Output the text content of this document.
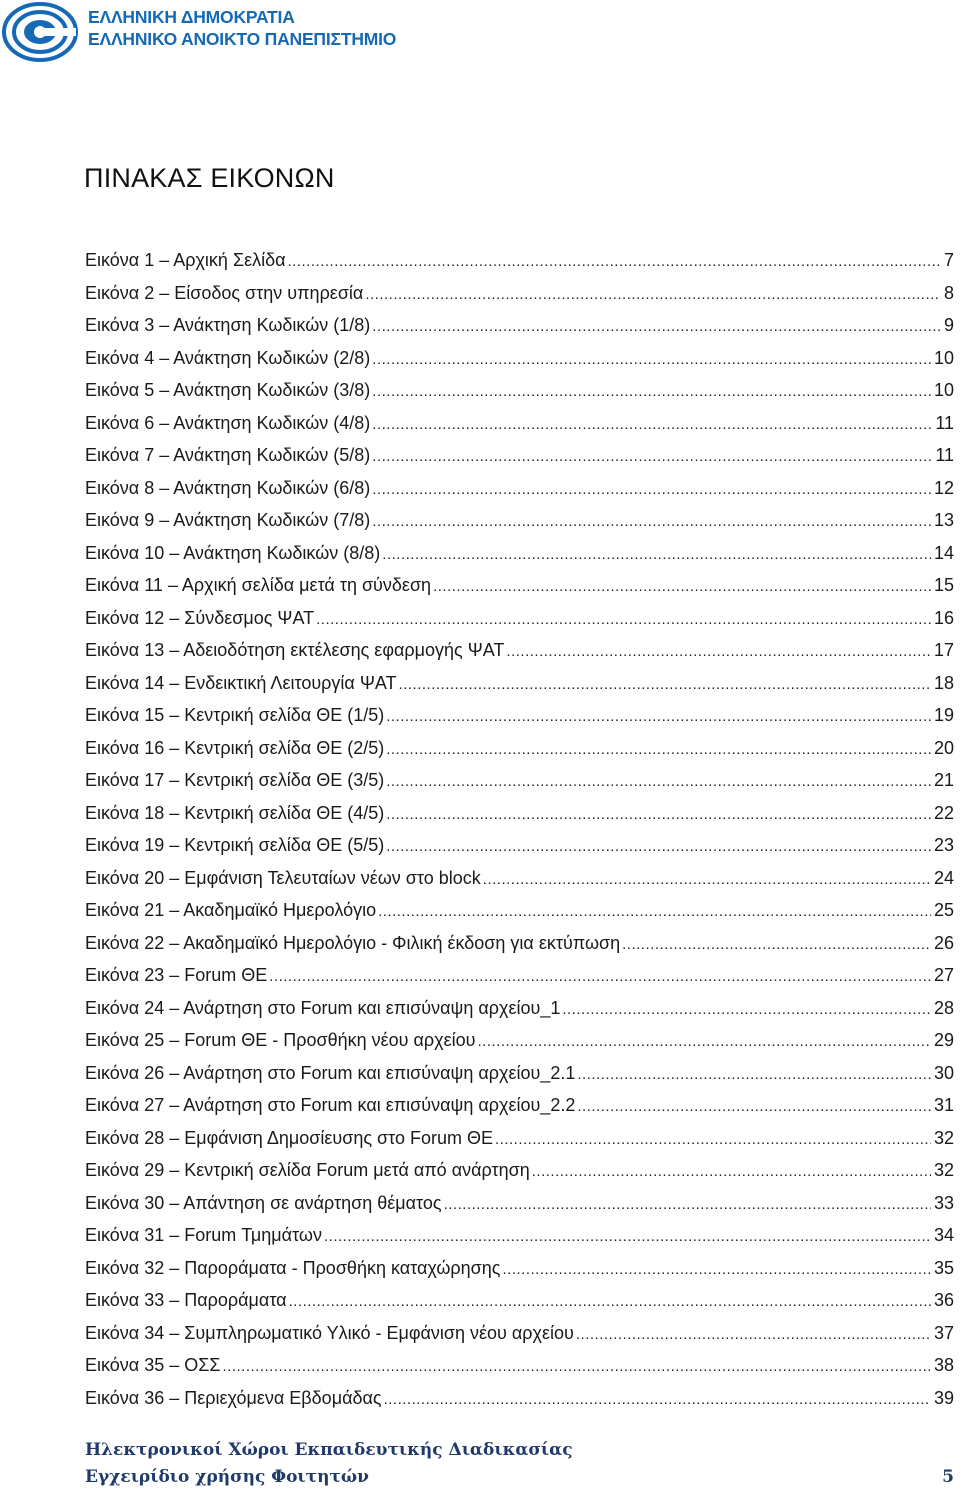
ΕΛΛΗΝΙΚΗ ΔΗΜΟΚΡΑΤΙΑ
ΕΛΛΗΝΙΚΟ ΑΝΟΙΚΤΟ ΠΑΝΕΠΙΣΤΗΜΙΟ
ΠΙΝΑΚΑΣ ΕΙΚΟΝΩΝ
Εικόνα 1 – Αρχική Σελίδα .....	7
Εικόνα 2 – Είσοδος στην υπηρεσία .....	8
Εικόνα 3 – Ανάκτηση Κωδικών (1/8) .....	9
Εικόνα 4 – Ανάκτηση Κωδικών (2/8) .....	10
Εικόνα 5 – Ανάκτηση Κωδικών (3/8) .....	10
Εικόνα 6 – Ανάκτηση Κωδικών (4/8) .....	11
Εικόνα 7 – Ανάκτηση Κωδικών (5/8) .....	11
Εικόνα 8 – Ανάκτηση Κωδικών (6/8) .....	12
Εικόνα 9 – Ανάκτηση Κωδικών (7/8) .....	13
Εικόνα 10 – Ανάκτηση Κωδικών (8/8) .....	14
Εικόνα 11 – Αρχική σελίδα μετά τη σύνδεση .....	15
Εικόνα 12 – Σύνδεσμος ΨΑΤ .....	16
Εικόνα 13 – Αδειοδότηση εκτέλεσης εφαρμογής ΨΑΤ .....	17
Εικόνα 14 – Ενδεικτική Λειτουργία ΨΑΤ .....	18
Εικόνα 15 – Κεντρική σελίδα ΘΕ (1/5) .....	19
Εικόνα 16 – Κεντρική σελίδα ΘΕ (2/5) .....	20
Εικόνα 17 – Κεντρική σελίδα ΘΕ (3/5) .....	21
Εικόνα 18 – Κεντρική σελίδα ΘΕ (4/5) .....	22
Εικόνα 19 – Κεντρική σελίδα ΘΕ (5/5) .....	23
Εικόνα 20 – Εμφάνιση Τελευταίων νέων στο block .....	24
Εικόνα 21 – Ακαδημαϊκό Ημερολόγιο .....	25
Εικόνα 22 – Ακαδημαϊκό Ημερολόγιο - Φιλική έκδοση για εκτύπωση .....	26
Εικόνα 23 – Forum ΘΕ .....	27
Εικόνα 24 – Ανάρτηση στο Forum και επισύναψη αρχείου_1 .....	28
Εικόνα 25 – Forum ΘΕ - Προσθήκη νέου αρχείου .....	29
Εικόνα 26 – Ανάρτηση στο Forum και επισύναψη αρχείου_2.1 .....	30
Εικόνα 27 – Ανάρτηση στο Forum και επισύναψη αρχείου_2.2 .....	31
Εικόνα 28 – Εμφάνιση Δημοσίευσης στο Forum ΘΕ .....	32
Εικόνα 29 – Κεντρική σελίδα Forum μετά από ανάρτηση .....	32
Εικόνα 30 – Απάντηση σε ανάρτηση θέματος .....	33
Εικόνα 31 – Forum Τμημάτων .....	34
Εικόνα 32 – Παροράματα - Προσθήκη καταχώρησης .....	35
Εικόνα 33 – Παροράματα .....	36
Εικόνα 34 – Συμπληρωματικό Υλικό - Εμφάνιση νέου αρχείου .....	37
Εικόνα 35 – ΟΣΣ .....	38
Εικόνα 36 – Περιεχόμενα Εβδομάδας .....	39
Ηλεκτρονικοί Χώροι Εκπαιδευτικής Διαδικασίας
Εγχειρίδιο χρήσης Φοιτητών	5
